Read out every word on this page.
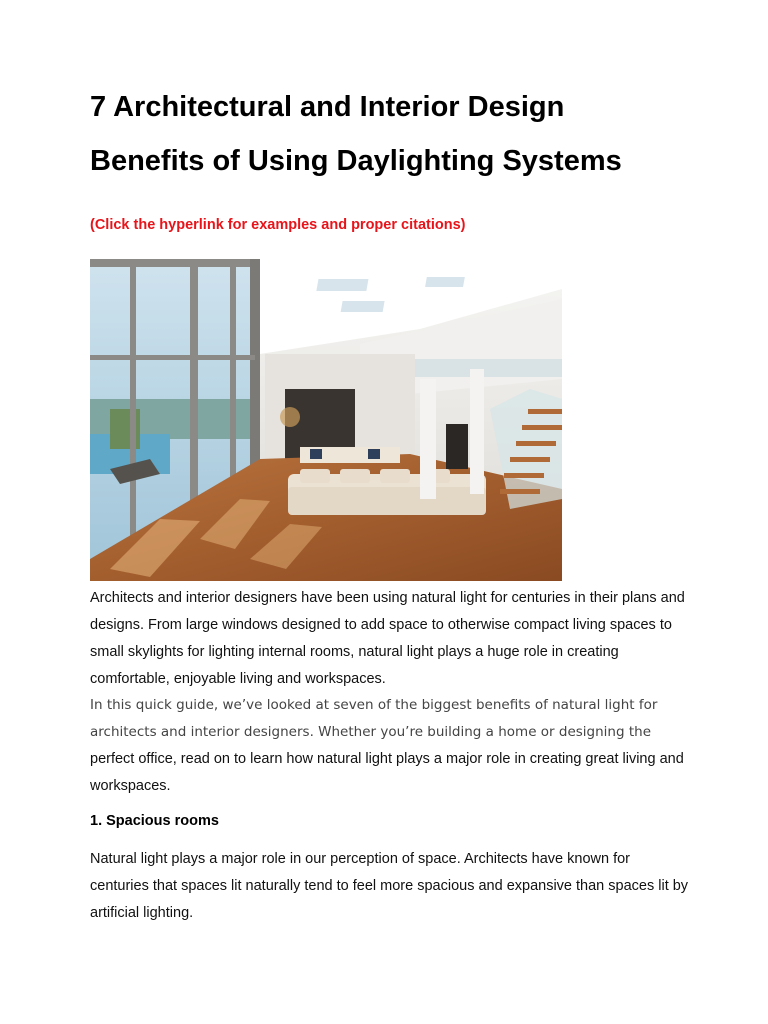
7 Architectural and Interior Design
Benefits of Using Daylighting Systems

(Click the hyperlink for examples and proper citations)

Architects and interior designers have been using natural light for centuries in their plans and designs. From large windows designed to add space to otherwise compact living spaces to small skylights for lighting internal rooms, natural light plays a huge role in creating comfortable, enjoyable living and workspaces.

In this quick guide, we’ve looked at seven of the biggest benefits of natural light for architects and interior designers. Whether you’re building a home or designing the perfect office, read on to learn how natural light plays a major role in creating great living and workspaces.

1. Spacious rooms

Natural light plays a major role in our perception of space. Architects have known for centuries that spaces lit naturally tend to feel more spacious and expansive than spaces lit by artificial lighting.
